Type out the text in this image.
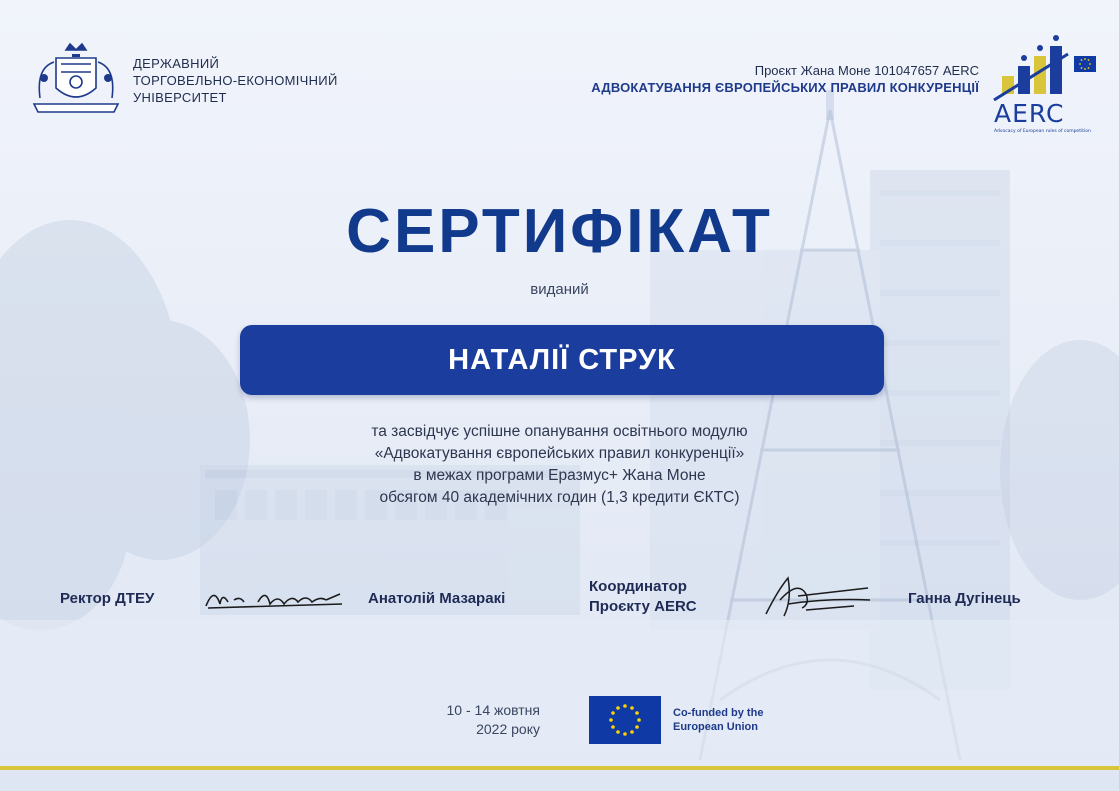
ДЕРЖАВНИЙ
ТОРГОВЕЛЬНО-ЕКОНОМІЧНИЙ
УНІВЕРСИТЕТ
Проєкт Жана Моне 101047657 AERC
АДВОКАТУВАННЯ ЄВРОПЕЙСЬКИХ ПРАВИЛ КОНКУРЕНЦІЇ
AERC
Advocacy of European rules of competition
СЕРТИФІКАТ
виданий
НАТАЛІЇ СТРУК
та засвідчує успішне опанування освітнього модулю
«Адвокатування європейських правил конкуренції»
в межах програми Еразмус+ Жана Моне
обсягом 40 академічних годин (1,3 кредити ЄКТС)
Ректор ДТЕУ	Анатолій Мазаракі
Координатор
Проєкту AERC	Ганна Дугінець
10 - 14 жовтня
2022 року
Co-funded by the
European Union
